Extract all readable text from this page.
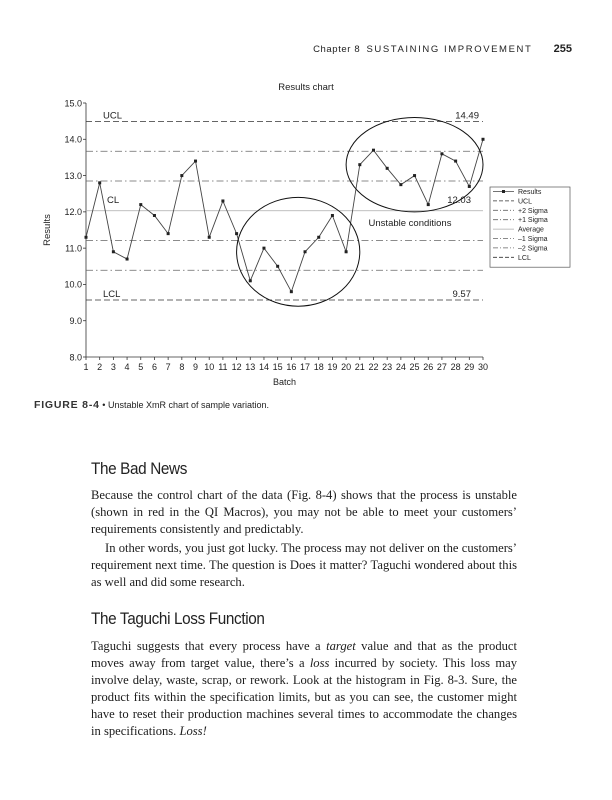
Chapter 8 SUSTAINING IMPROVEMENT 255
8.0
9.0
10.0
11.0
12.0
13.0
14.0
15.0
1 2 3 4 5 6 7 8 9 10 11 12 13 14 15 16 17 18 19 20 21 22 23 24 25 26 27 28 29 30
Results chart
UCL
CL
LCL
14.49
12.03
9.57
Unstable conditions
Batch
Results
Results
UCL
+2 Sigma
+1 Sigma
Average
–1 Sigma
–2 Sigma
LCL
FIGURE 8-4 • Unstable XmR chart of sample variation.
The Bad News

Because the control chart of the data (Fig. 8-4) shows that the process is unstable (shown in red in the QI Macros), you may not be able to meet your customers’ requirements consistently and predictably.

In other words, you just got lucky. The process may not deliver on the customers’ requirement next time. The question is Does it matter? Taguchi wondered about this as well and did some research.

The Taguchi Loss Function

Taguchi suggests that every process have a target value and that as the product moves away from target value, there’s a loss incurred by society. This loss may involve delay, waste, scrap, or rework. Look at the histogram in Fig. 8-3. Sure, the product fits within the specification limits, but as you can see, the customer might have to reset their production machines several times to accommodate the changes in specifications. Loss!
